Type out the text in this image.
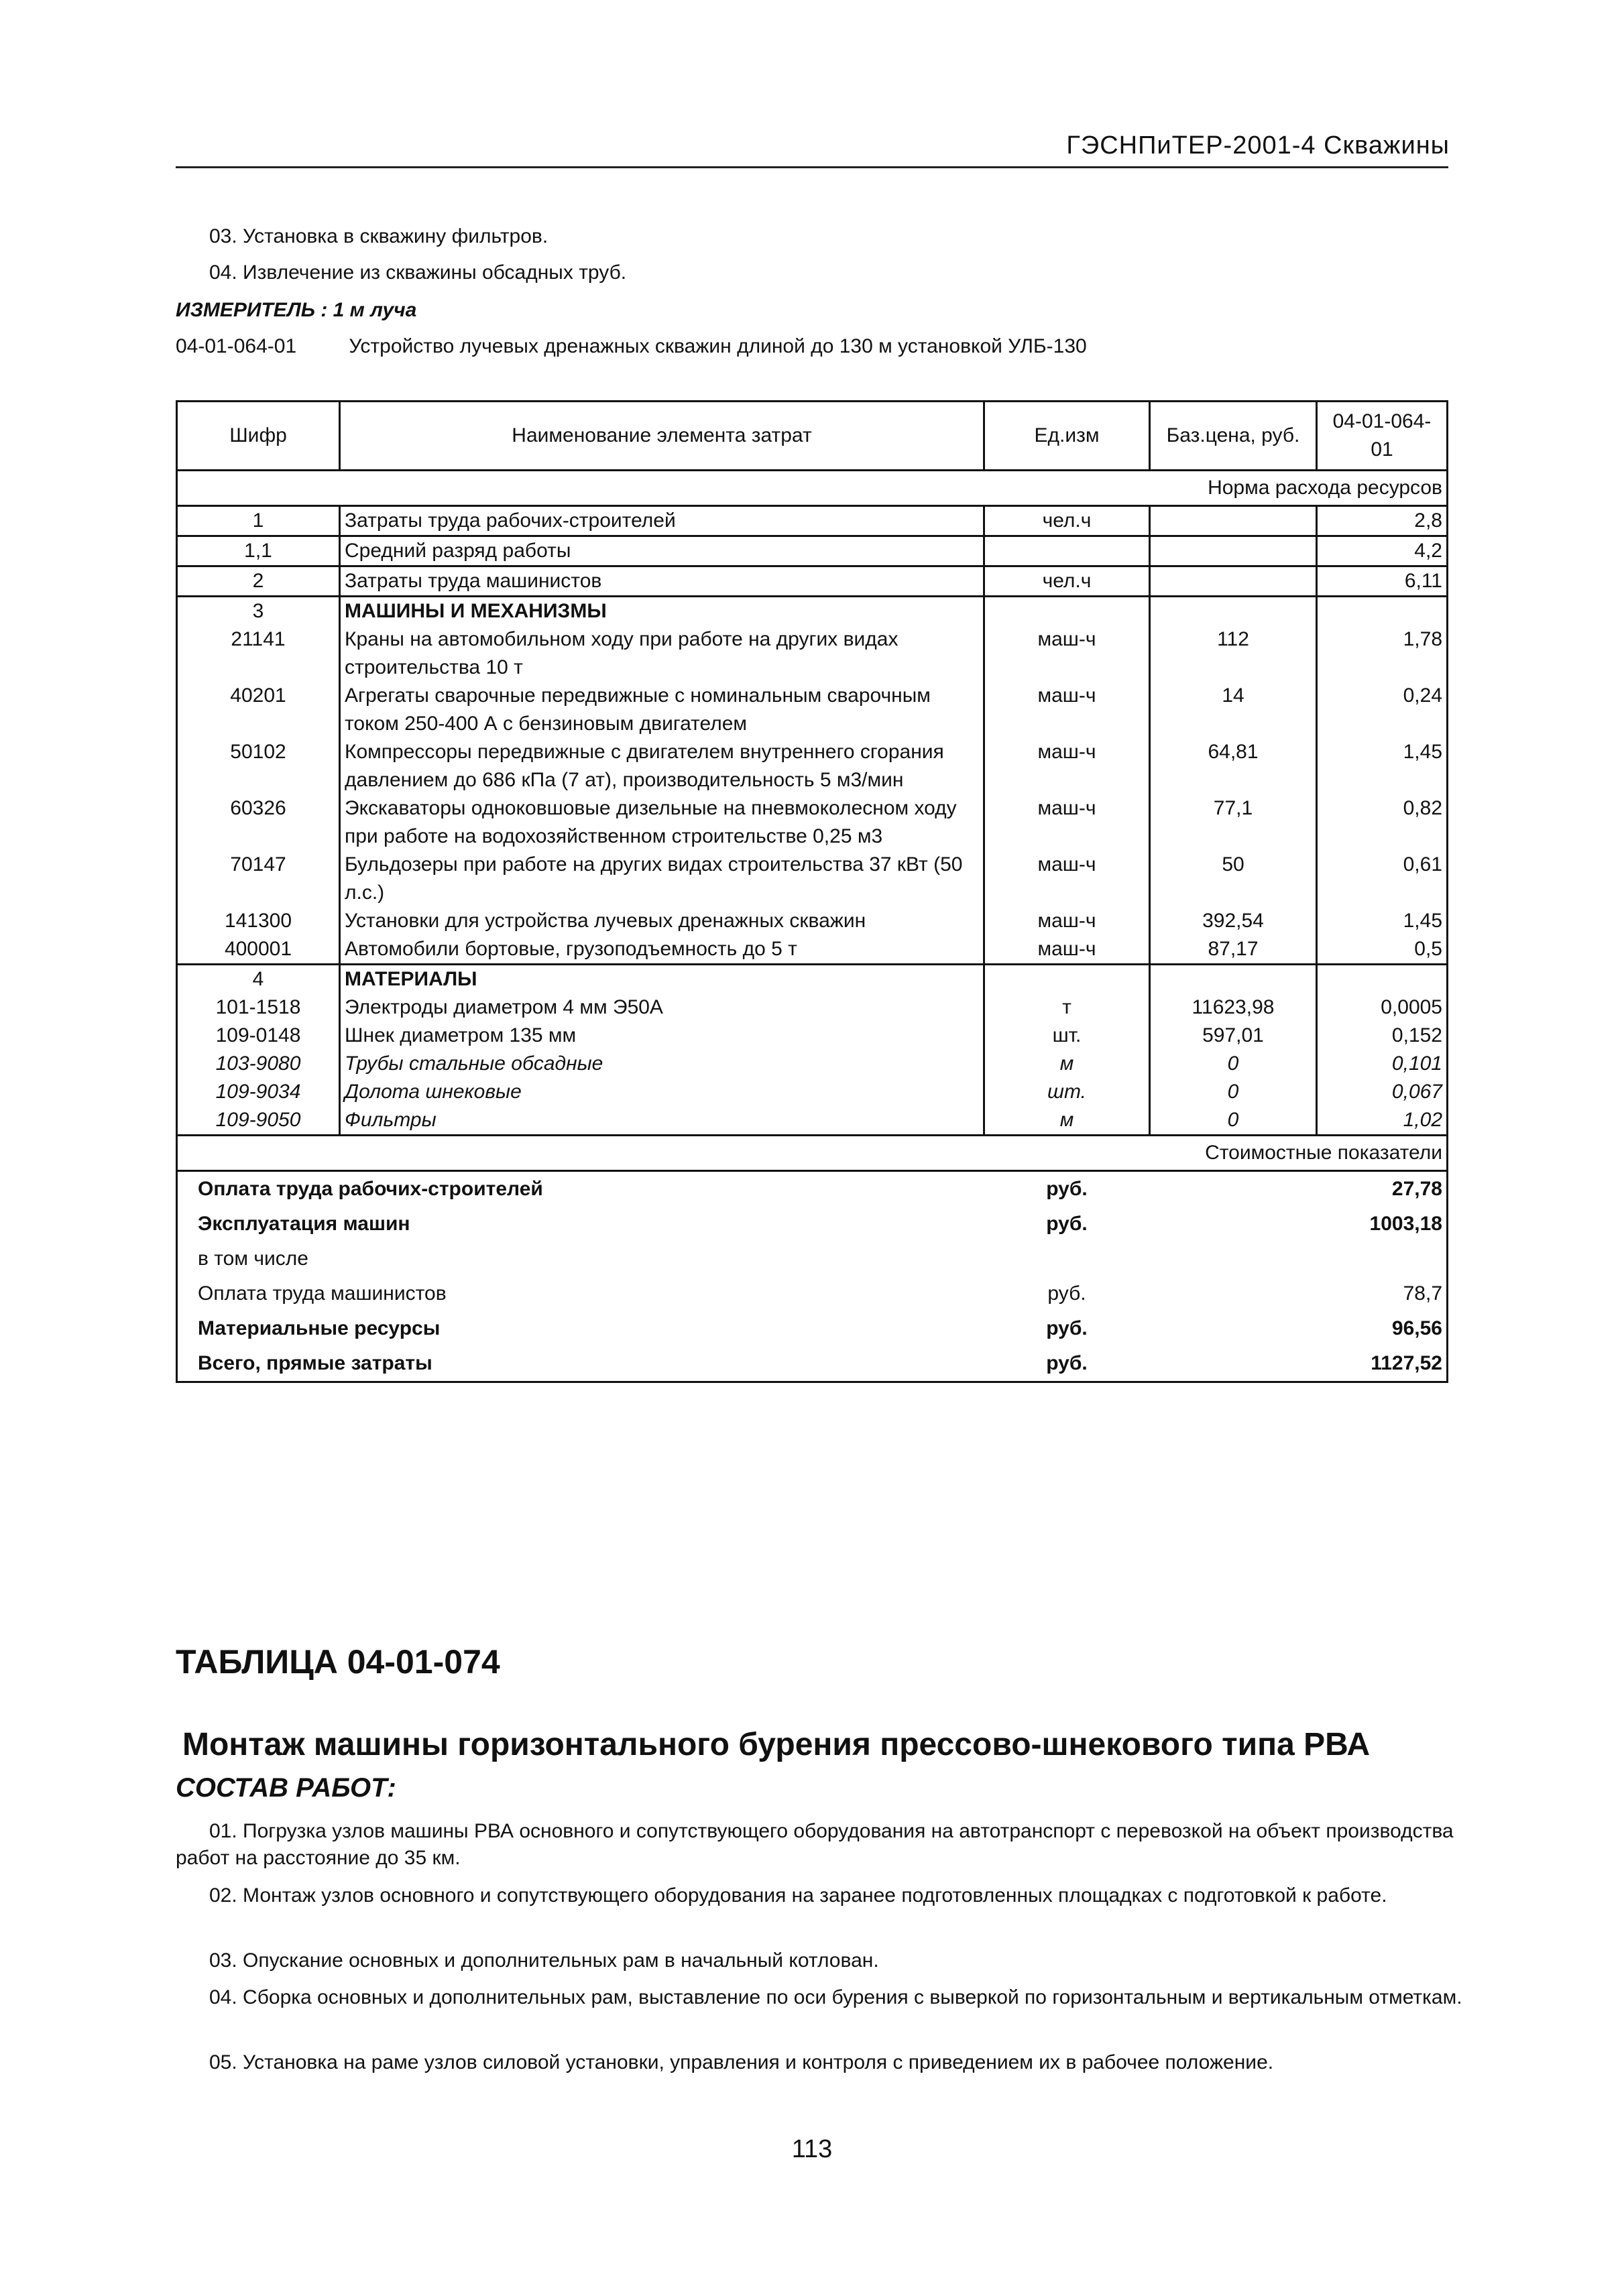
ГЭСНПиТЕР-2001-4 Скважины
03. Установка в скважину фильтров.
04. Извлечение из скважины обсадных труб.
ИЗМЕРИТЕЛЬ : 1 м луча
04-01-064-01	Устройство лучевых дренажных скважин длиной до 130 м установкой УЛБ-130
Шифр	Наименование элемента затрат	Ед.изм	Баз.цена, руб.	04-01-064-01
Норма расхода ресурсов				
1	Затраты труда рабочих-строителей	чел.ч		2,8
1,1	Средний разряд работы			4,2
2	Затраты труда машинистов	чел.ч		6,11
3	МАШИНЫ И МЕХАНИЗМЫ			
21141	Краны на автомобильном ходу при работе на других видах строительства 10 т	маш-ч	112	1,78
40201	Агрегаты сварочные передвижные с номинальным сварочным током 250-400 А с бензиновым двигателем	маш-ч	14	0,24
50102	Компрессоры передвижные с двигателем внутреннего сгорания давлением до 686 кПа (7 ат), производительность 5 м3/мин	маш-ч	64,81	1,45
60326	Экскаваторы одноковшовые дизельные на пневмоколесном ходу при работе на водохозяйственном строительстве 0,25 м3	маш-ч	77,1	0,82
70147	Бульдозеры при работе на других видах строительства 37 кВт (50 л.с.)	маш-ч	50	0,61
141300	Установки для устройства лучевых дренажных скважин	маш-ч	392,54	1,45
400001	Автомобили бортовые, грузоподъемность до 5 т	маш-ч	87,17	0,5
4	МАТЕРИАЛЫ			
101-1518	Электроды диаметром 4 мм Э50А	т	11623,98	0,0005
109-0148	Шнек диаметром 135 мм	шт.	597,01	0,152
103-9080	Трубы стальные обсадные	м	0	0,101
109-9034	Долота шнековые	шт.	0	0,067
109-9050	Фильтры	м	0	1,02
Стоимостные показатели				
Оплата труда рабочих-строителей		руб.		27,78
Эксплуатация машин		руб.		1003,18
в том числе				
Оплата труда машинистов		руб.		78,7
Материальные ресурсы		руб.		96,56
Всего, прямые затраты		руб.		1127,52
ТАБЛИЦА 04-01-074
Монтаж машины горизонтального бурения прессово-шнекового типа РВА
СОСТАВ РАБОТ:
01. Погрузка узлов машины РВА основного и сопутствующего оборудования на автотранспорт с перевозкой на объект производства работ на расстояние до 35 км.
02. Монтаж узлов основного и сопутствующего оборудования на заранее подготовленных площадках с подготовкой к работе.
03. Опускание основных и дополнительных рам в начальный котлован.
04. Сборка основных и дополнительных рам, выставление по оси бурения с выверкой по горизонтальным и вертикальным отметкам.
05. Установка на раме узлов силовой установки, управления и контроля с приведением их в рабочее положение.
113
